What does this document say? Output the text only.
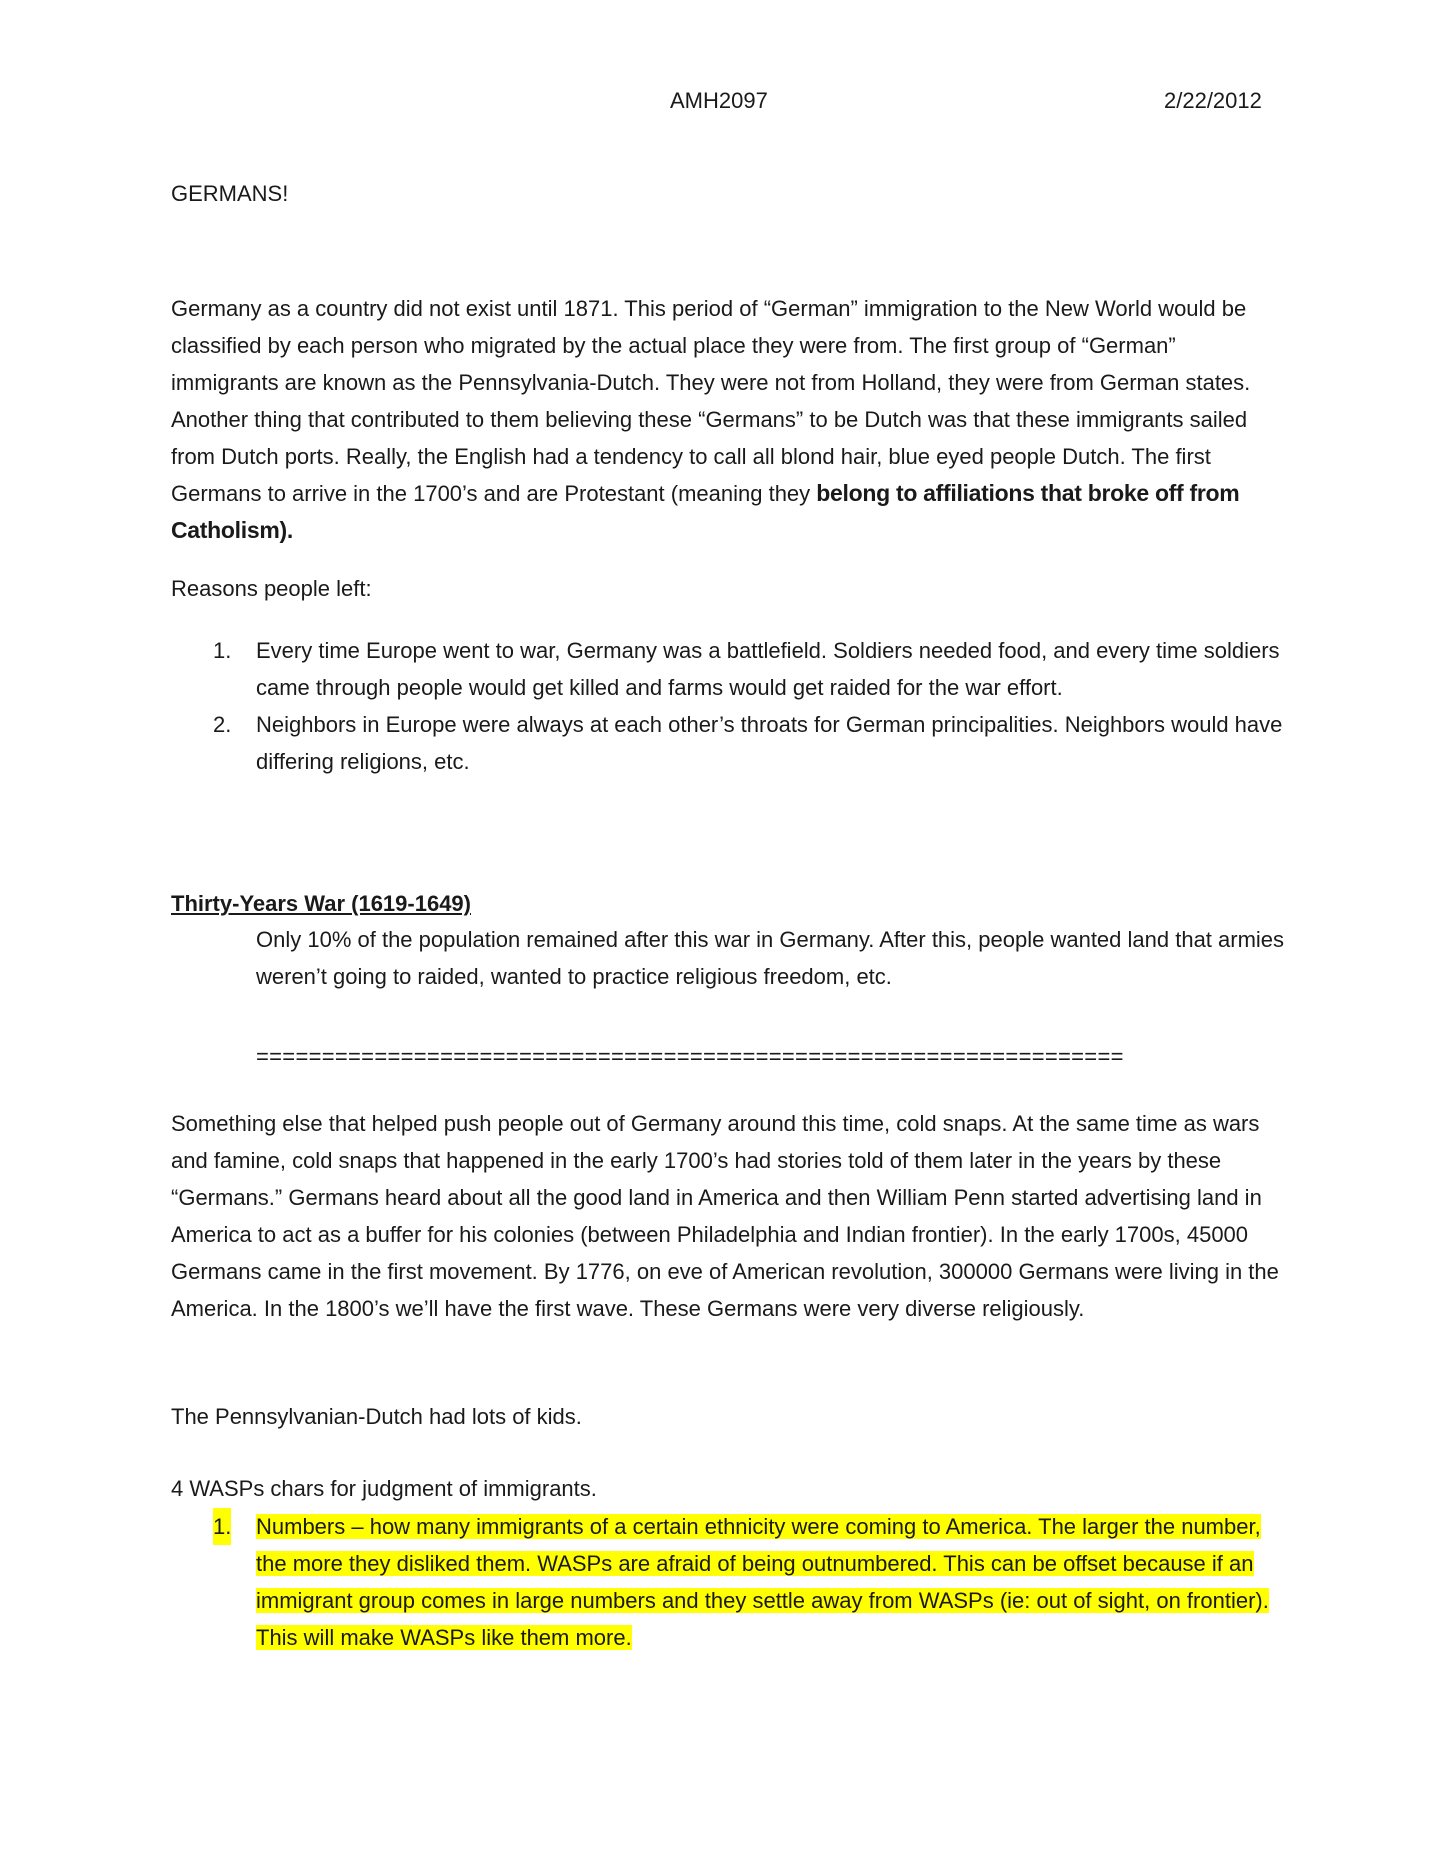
AMH2097	2/22/2012
GERMANS!
Germany as a country did not exist until 1871. This period of “German” immigration to the New World would be classified by each person who migrated by the actual place they were from. The first group of “German” immigrants are known as the Pennsylvania-Dutch. They were not from Holland, they were from German states. Another thing that contributed to them believing these “Germans” to be Dutch was that these immigrants sailed from Dutch ports. Really, the English had a tendency to call all blond hair, blue eyed people Dutch. The first Germans to arrive in the 1700’s and are Protestant (meaning they belong to affiliations that broke off from Catholism).
Reasons people left:
1. Every time Europe went to war, Germany was a battlefield. Soldiers needed food, and every time soldiers came through people would get killed and farms would get raided for the war effort.
2. Neighbors in Europe were always at each other’s throats for German principalities. Neighbors would have differing religions, etc.
Thirty-Years War (1619-1649)
Only 10% of the population remained after this war in Germany. After this, people wanted land that armies weren’t going to raided, wanted to practice religious freedom, etc.
==================================================================
Something else that helped push people out of Germany around this time, cold snaps. At the same time as wars and famine, cold snaps that happened in the early 1700’s had stories told of them later in the years by these “Germans.” Germans heard about all the good land in America and then William Penn started advertising land in America to act as a buffer for his colonies (between Philadelphia and Indian frontier). In the early 1700s, 45000 Germans came in the first movement. By 1776, on eve of American revolution, 300000 Germans were living in the America. In the 1800’s we’ll have the first wave. These Germans were very diverse religiously.
The Pennsylvanian-Dutch had lots of kids.
4 WASPs chars for judgment of immigrants.
1. Numbers – how many immigrants of a certain ethnicity were coming to America. The larger the number, the more they disliked them. WASPs are afraid of being outnumbered. This can be offset because if an immigrant group comes in large numbers and they settle away from WASPs (ie: out of sight, on frontier). This will make WASPs like them more.
